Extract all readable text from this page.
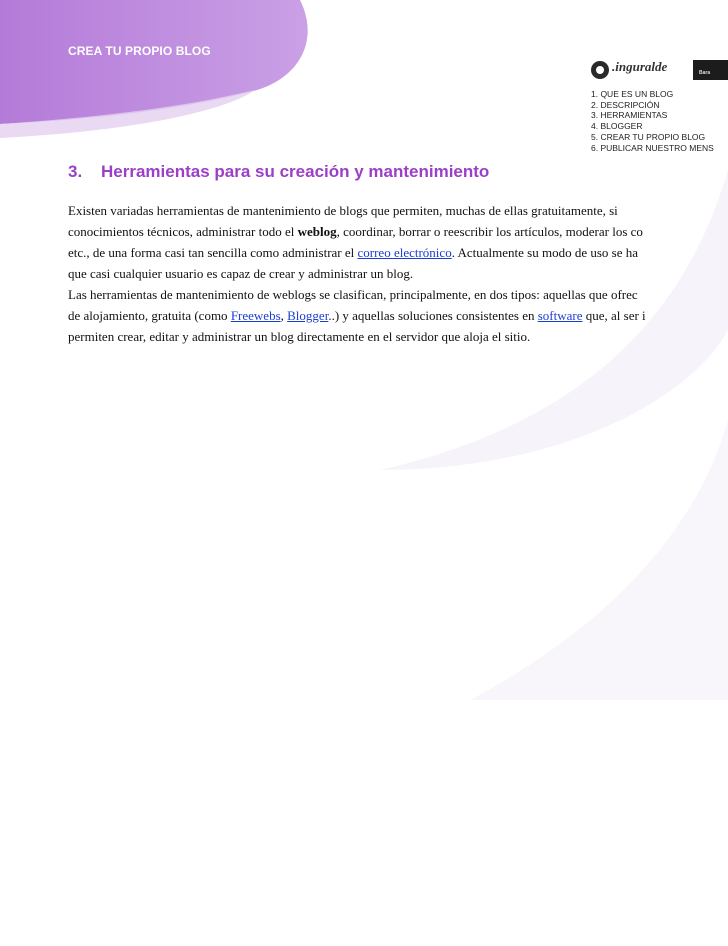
CREA TU PROPIO BLOG
.inguralde	Bara
1. QUE ES UN BLOG
2. DESCRIPCIÓN
3. HERRAMIENTAS
4. BLOGGER
5. CREAR TU PROPIO BLOG
6. PUBLICAR NUESTRO MENS
3. Herramientas para su creación y mantenimiento

Existen variadas herramientas de mantenimiento de blogs que permiten, muchas de ellas gratuitamente, si
conocimientos técnicos, administrar todo el weblog, coordinar, borrar o reescribir los artículos, moderar los co
etc., de una forma casi tan sencilla como administrar el correo electrónico. Actualmente su modo de uso se ha
que casi cualquier usuario es capaz de crear y administrar un blog.

Las herramientas de mantenimiento de weblogs se clasifican, principalmente, en dos tipos: aquellas que ofrec
de alojamiento, gratuita (como Freewebs, Blogger..) y aquellas soluciones consistentes en software que, al ser i
permiten crear, editar y administrar un blog directamente en el servidor que aloja el sitio.
